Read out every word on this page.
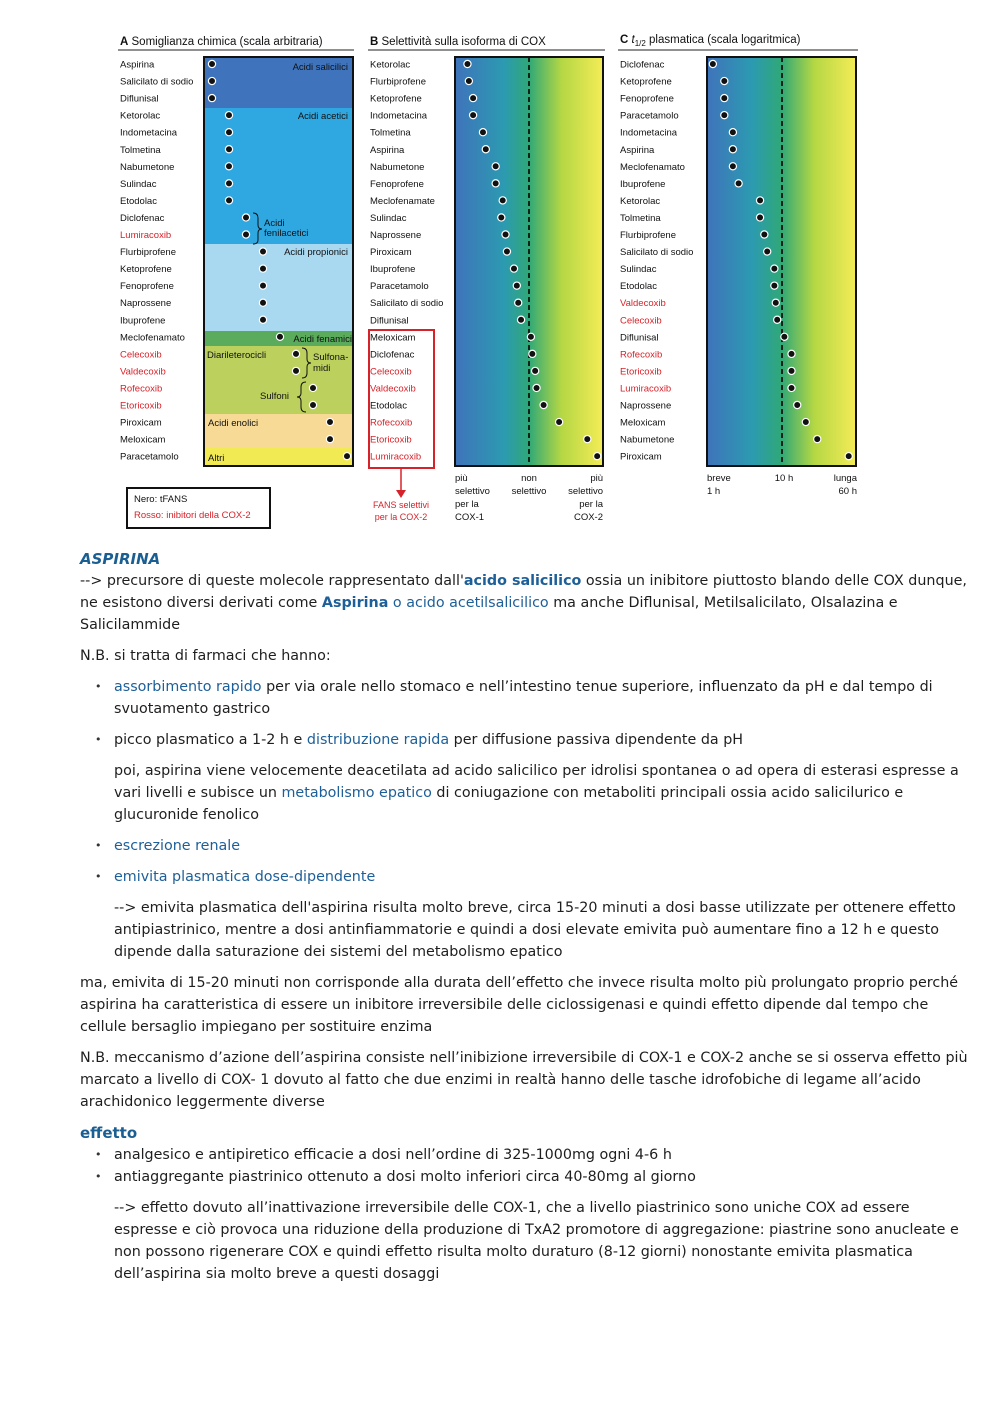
A Somiglianza chimica (scala arbitraria)	B Selettività sulla isoforma di COX	C $t_{1/2}$ plasmatica (scala logaritmica)
Acidi salicilici
Acidi acetici
Acidi propionici
Acidi fenamici
Diarileterocicli
Acidi enolici
Altri
Acidi
fenilacetici
Sulfona-
midi
Sulfoni
FANS selettivi
per la COX-2
più
selettivo
per la
COX-1
non
selettivo
più
selettivo
per la
COX-2
breve
1 h
10 h	lunga
60 h
Nero: tFANS
Rosso: inibitori della COX-2
Aspirina
Salicilato di sodio
Diflunisal
Ketorolac
Indometacina
Tolmetina
Nabumetone
Sulindac
Etodolac
Diclofenac
Lumiracoxib
Flurbiprofene
Ketoprofene
Fenoprofene
Naprossene
Ibuprofene
Meclofenamato
Celecoxib
Valdecoxib
Rofecoxib
Etoricoxib
Piroxicam
Meloxicam
Paracetamolo
Ketorolac
Flurbiprofene
Ketoprofene
Indometacina
Tolmetina
Aspirina
Nabumetone
Fenoprofene
Meclofenamate
Sulindac
Naprossene
Piroxicam
Ibuprofene
Paracetamolo
Salicilato di sodio
Diflunisal
Meloxicam
Diclofenac
Celecoxib
Valdecoxib
Etodolac
Rofecoxib
Etoricoxib
Lumiracoxib
Diclofenac
Ketoprofene
Fenoprofene
Paracetamolo
Indometacina
Aspirina
Meclofenamato
Ibuprofene
Ketorolac
Tolmetina
Flurbiprofene
Salicilato di sodio
Sulindac
Etodolac
Valdecoxib
Celecoxib
Diflunisal
Rofecoxib
Etoricoxib
Lumiracoxib
Naprossene
Meloxicam
Nabumetone
Piroxicam
ASPIRINA

--> precursore di queste molecole rappresentato dall'acido salicilico ossia un inibitore piuttosto blando delle COX dunque, ne esistono diversi derivati come Aspirina o acido acetilsalicilico ma anche Diflunisal, Metilsalicilato, Olsalazina e Salicilammide

N.B. si tratta di farmaci che hanno:

• assorbimento rapido per via orale nello stomaco e nell’intestino tenue superiore, influenzato da pH e dal tempo di svuotamento gastrico
• picco plasmatico a 1-2 h e distribuzione rapida per diffusione passiva dipendente da pH

poi, aspirina viene velocemente deacetilata ad acido salicilico per idrolisi spontanea o ad opera di esterasi espresse a vari livelli e subisce un metabolismo epatico di coniugazione con metaboliti principali ossia acido salicilurico e glucuronide fenolico

• escrezione renale
• emivita plasmatica dose-dipendente

--> emivita plasmatica dell'aspirina risulta molto breve, circa 15-20 minuti a dosi basse utilizzate per ottenere effetto antipiastrinico, mentre a dosi antinfiammatorie e quindi a dosi elevate emivita può aumentare fino a 12 h e questo dipende dalla saturazione dei sistemi del metabolismo epatico

ma, emivita di 15-20 minuti non corrisponde alla durata dell’effetto che invece risulta molto più prolungato proprio perché aspirina ha caratteristica di essere un inibitore irreversibile delle ciclossigenasi e quindi effetto dipende dal tempo che cellule bersaglio impiegano per sostituire enzima

N.B. meccanismo d’azione dell’aspirina consiste nell’inibizione irreversibile di COX-1 e COX-2 anche se si osserva effetto più marcato a livello di COX- 1 dovuto al fatto che due enzimi in realtà hanno delle tasche idrofobiche di legame all’acido arachidonico leggermente diverse

effetto
• analgesico e antipiretico efficacie a dosi nell’ordine di 325-1000mg ogni 4-6 h
• antiaggregante piastrinico ottenuto a dosi molto inferiori circa 40-80mg al giorno

--> effetto dovuto all’inattivazione irreversibile delle COX-1, che a livello piastrinico sono uniche COX ad essere espresse e ciò provoca una riduzione della produzione di TxA2 promotore di aggregazione: piastrine sono anucleate e non possono rigenerare COX e quindi effetto risulta molto duraturo (8-12 giorni) nonostante emivita plasmatica dell’aspirina sia molto breve a questi dosaggi
